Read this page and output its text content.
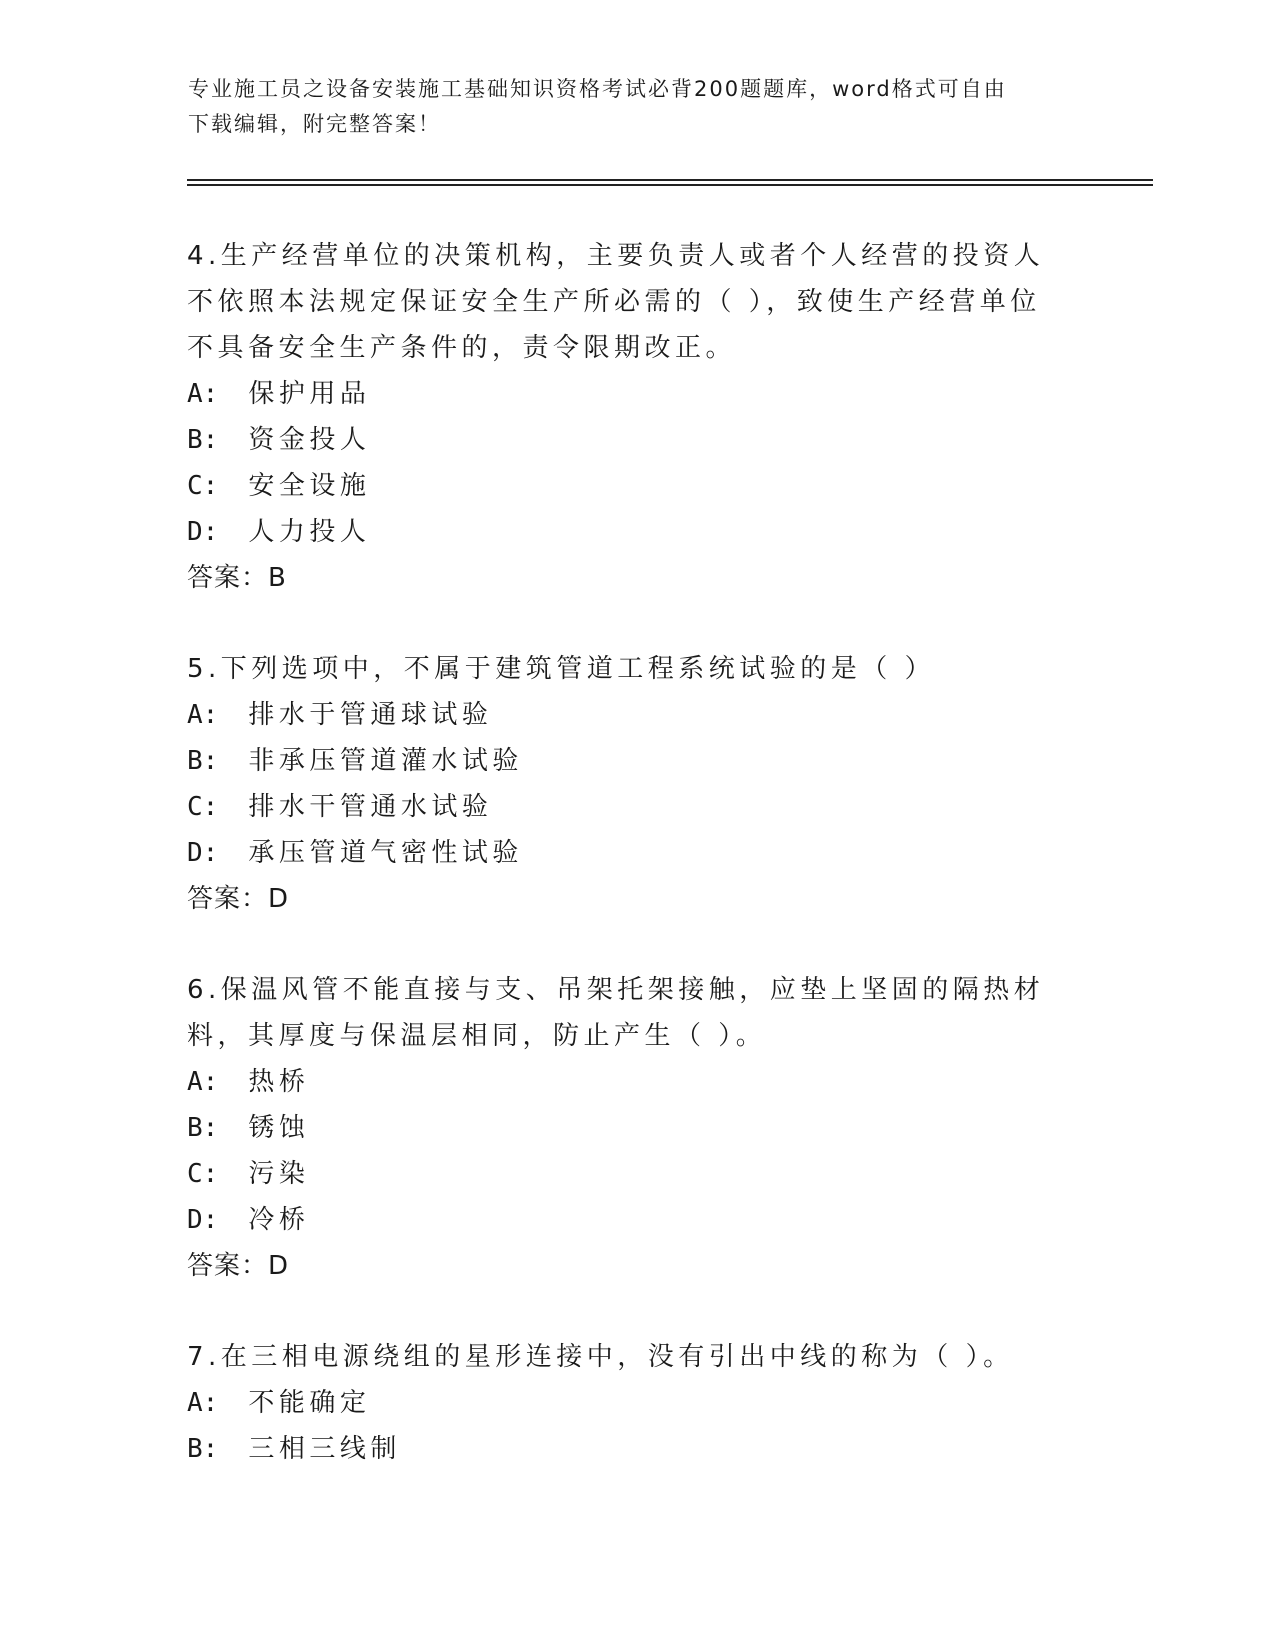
专业施工员之设备安装施工基础知识资格考试必背200题题库，word格式可自由
下载编辑，附完整答案！
4.生产经营单位的决策机构，主要负责人或者个人经营的投资人不依照本法规定保证安全生产所必需的（ ），致使生产经营单位不具备安全生产条件的，责令限期改正。
A: 保护用品
B: 资金投人
C: 安全设施
D: 人力投人
答案：B
5.下列选项中，不属于建筑管道工程系统试验的是（ ）
A: 排水于管通球试验
B: 非承压管道灌水试验
C: 排水干管通水试验
D: 承压管道气密性试验
答案：D
6.保温风管不能直接与支、吊架托架接触，应垫上坚固的隔热材料，其厚度与保温层相同，防止产生（ ）。
A: 热桥
B: 锈蚀
C: 污染
D: 冷桥
答案：D
7.在三相电源绕组的星形连接中，没有引出中线的称为（ ）。
A: 不能确定
B: 三相三线制
